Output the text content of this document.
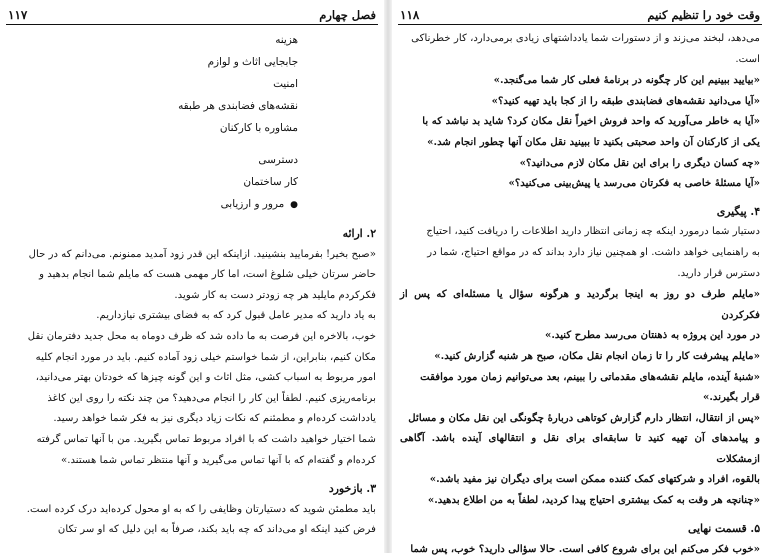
فصل چهارم
۱۱۷
هزینه
جابجایی اثاث و لوازم
امنیت
نقشه‌های فضابندی هر طبقه
مشاوره با کارکنان
دسترسی
کار ساختمان
● مرور و ارزیابی
۲. ارائه

«صبح بخیر! بفرمایید بنشینید. ازاینکه این قدر زود آمدید ممنونم. می‌دانم که در حال

حاضر سرتان خیلی شلوغ است، اما کار مهمی هست که مایلم شما انجام بدهید و

فکرکردم مایلید هر چه زودتر دست به کار شوید.

به یاد دارید که مدیر عامل قبول کرد که به فضای بیشتری نیازداریم.

خوب، بالاخره این فرصت به ما داده شد که ظرف دوماه به محل جدید دفترمان نقل

مکان کنیم، بنابراین، از شما خواستم خیلی زود آماده کنیم. باید در مورد انجام کلیه

امور مربوط به اسباب کشی، مثل اثاث و این گونه چیزها که خودتان بهتر می‌دانید،

برنامه‌ریزی کنیم. لطفاً این کار را انجام می‌دهید؟ من چند نکته را روی این کاغذ

یادداشت کرده‌ام و مطمئنم که نکات زیاد دیگری نیز به فکر شما خواهد رسید.

شما اختیار خواهید داشت که با افراد مربوط تماس بگیرید. من با آنها تماس گرفته

کرده‌ام و گفته‌ام که با آنها تماس می‌گیرید و آنها منتظر تماس شما هستند.»

۳. بازخورد

باید مطمئن شوید که دستیارتان وظایفی را که به او محول کرده‌اید درک کرده است.

فرض کنید اینکه او می‌داند که چه باید بکند، صرفاً به این دلیل که او سر تکان

وقت خود را تنظیم کنیم
۱۱۸

می‌دهد، لبخند می‌زند و از دستورات شما یادداشتهای زیادی برمی‌دارد، کار خطرناکی

است.

«بیایید ببینیم این کار چگونه در برنامهٔ فعلی کار شما می‌گنجد.»

«آیا می‌دانید نقشه‌های فضابندی طبقه را از کجا باید تهیه کنید؟»

«آیا به خاطر می‌آورید که واحد فروش اخیراً نقل مکان کرد؟ شاید بد نباشد که با

یکی از کارکنان آن واحد صحبتی بکنید تا ببینید نقل مکان آنها چطور انجام شد.»

«چه کسان دیگری را برای این نقل مکان لازم می‌دانید؟»

«آیا مسئلهٔ خاصی به فکرتان می‌رسد یا پیش‌بینی می‌کنید؟»

۴. پیگیری

دستیار شما درمورد اینکه چه زمانی انتظار دارید اطلاعات را دریافت کنید، احتیاج

به راهنمایی خواهد داشت. او همچنین نیاز دارد بداند که در مواقع احتیاج، شما در

دسترس قرار دارید.

«مایلم طرف دو روز به اینجا برگردید و هرگونه سؤال یا مسئله‌ای که پس از فکرکردن

در مورد این پروژه به ذهنتان می‌رسد مطرح کنید.»

«مایلم پیشرفت کار را تا زمان انجام نقل مکان، صبح هر شنبه گزارش کنید.»

«شنبهٔ آینده، مایلم نقشه‌های مقدماتی را ببینم، بعد می‌توانیم زمان مورد موافقت

قرار بگیرند.»

«پس از انتقال، انتظار دارم گزارش کوتاهی دربارهٔ چگونگی این نقل مکان و مسائل

و پیامدهای آن تهیه کنید تا سابقه‌ای برای نقل و انتقالهای آینده باشد. آگاهی ازمشکلات

بالقوه، افراد و شرکتهای کمک کننده ممکن است برای دیگران نیز مفید باشد.»

«چنانچه هر وقت به کمک بیشتری احتیاج پیدا کردید، لطفاً به من اطلاع بدهید.»

۵. قسمت نهایی

«خوب فکر می‌کنم این برای شروع کافی است. حالا سؤالی دارید؟ خوب، پس شما
